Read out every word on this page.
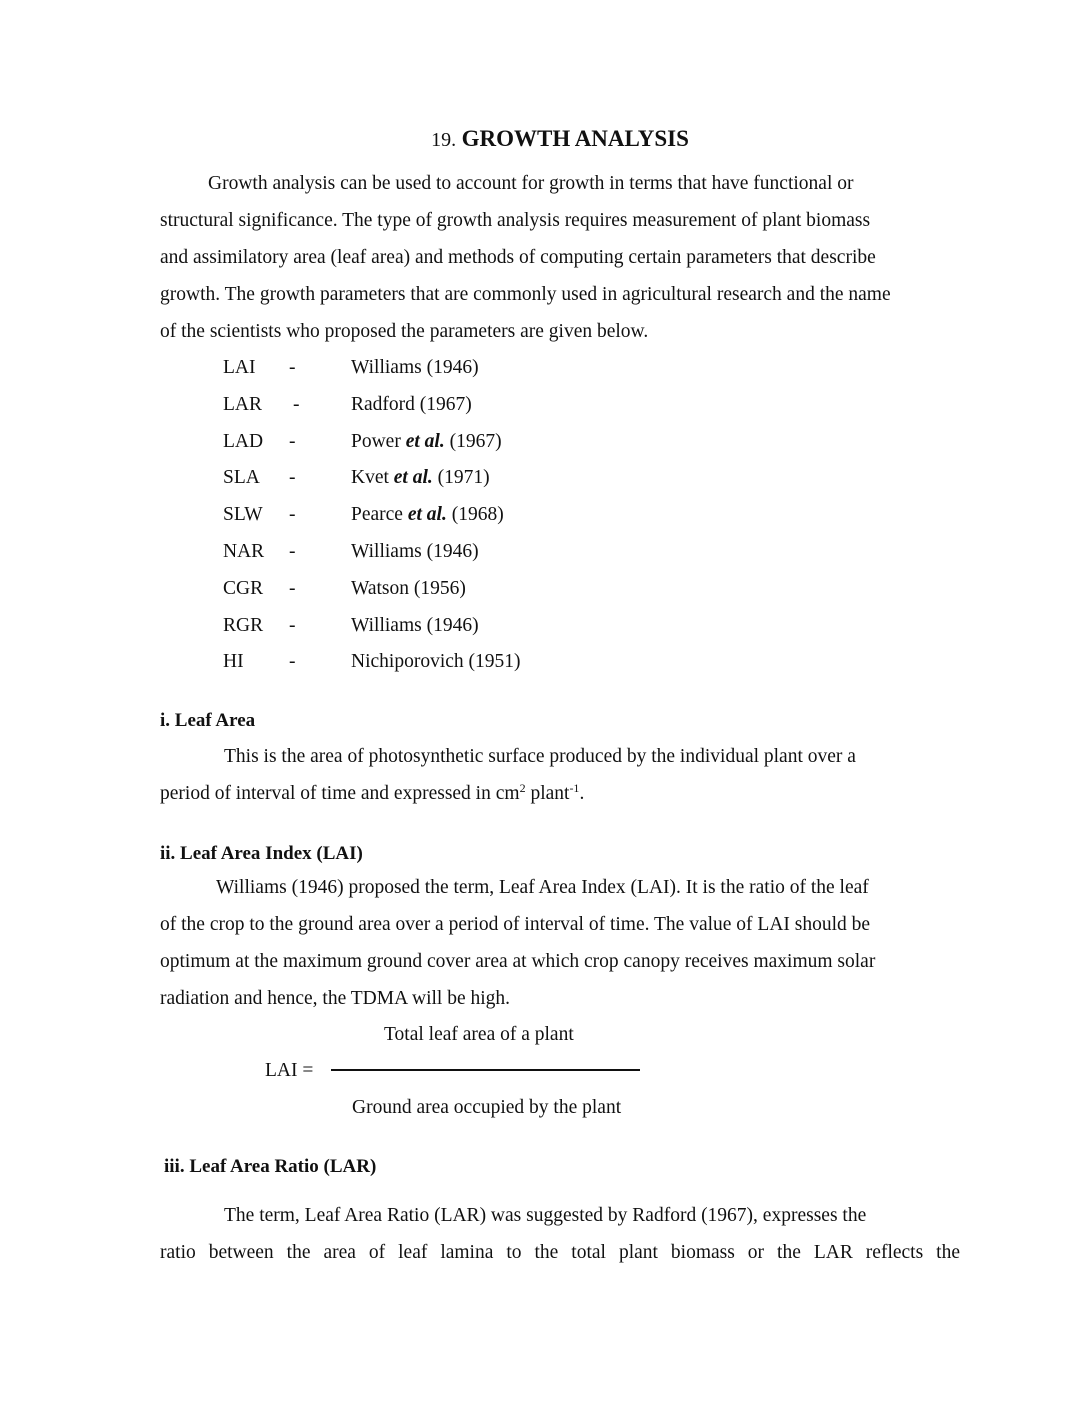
19. GROWTH ANALYSIS
Growth analysis can be used to account for growth in terms that have functional or
structural significance. The type of growth analysis requires measurement of plant biomass
and assimilatory area (leaf area) and methods of computing certain parameters that describe
growth. The growth parameters that are commonly used in agricultural research and the name
of the scientists who proposed the parameters are given below.
LAI -	Williams (1946)
LAR -	Radford (1967)
LAD -	Power et al. (1967)
SLA -	Kvet et al. (1971)
SLW -	Pearce et al. (1968)
NAR -	Williams (1946)
CGR -	Watson (1956)
RGR -	Williams (1946)
HI -	Nichiporovich (1951)
i. Leaf Area
This is the area of photosynthetic surface produced by the individual plant over a
period of interval of time and expressed in $cm^2$ plant$^{-1}$.
ii. Leaf Area Index (LAI)
Williams (1946) proposed the term, Leaf Area Index (LAI). It is the ratio of the leaf
of the crop to the ground area over a period of interval of time. The value of LAI should be
optimum at the maximum ground cover area at which crop canopy receives maximum solar
radiation and hence, the TDMA will be high.
Total leaf area of a plant
LAI =
Ground area occupied by the plant
iii. Leaf Area Ratio (LAR)
The term, Leaf Area Ratio (LAR) was suggested by Radford (1967), expresses the
ratio between the area of leaf lamina to the total plant biomass or the LAR reflects the
